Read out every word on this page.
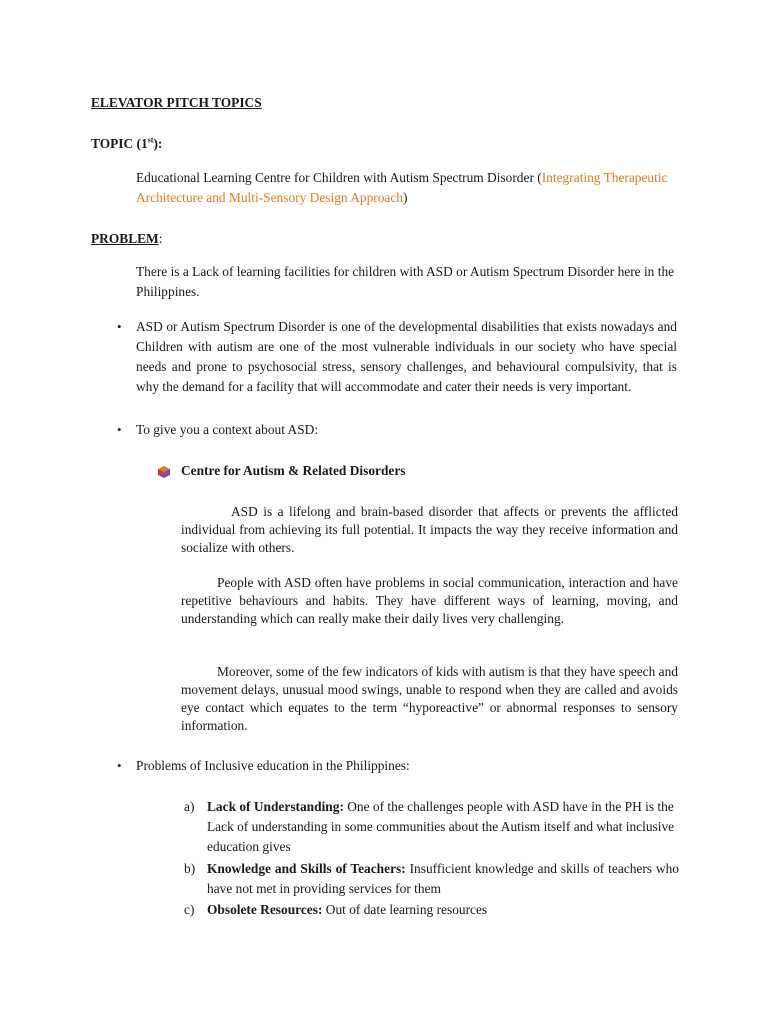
ELEVATOR PITCH TOPICS
TOPIC (1st):
Educational Learning Centre for Children with Autism Spectrum Disorder (Integrating Therapeutic Architecture and Multi-Sensory Design Approach)
PROBLEM:
There is a Lack of learning facilities for children with ASD or Autism Spectrum Disorder here in the Philippines.
• ASD or Autism Spectrum Disorder is one of the developmental disabilities that exists nowadays and Children with autism are one of the most vulnerable individuals in our society who have special needs and prone to psychosocial stress, sensory challenges, and behavioural compulsivity, that is why the demand for a facility that will accommodate and cater their needs is very important.
• To give you a context about ASD:
Centre for Autism & Related Disorders
ASD is a lifelong and brain-based disorder that affects or prevents the afflicted individual from achieving its full potential. It impacts the way they receive information and socialize with others.
People with ASD often have problems in social communication, interaction and have repetitive behaviours and habits. They have different ways of learning, moving, and understanding which can really make their daily lives very challenging.
Moreover, some of the few indicators of kids with autism is that they have speech and movement delays, unusual mood swings, unable to respond when they are called and avoids eye contact which equates to the term “hyporeactive” or abnormal responses to sensory information.
• Problems of Inclusive education in the Philippines:
a) Lack of Understanding: One of the challenges people with ASD have in the PH is the Lack of understanding in some communities about the Autism itself and what inclusive education gives
b) Knowledge and Skills of Teachers: Insufficient knowledge and skills of teachers who have not met in providing services for them
c) Obsolete Resources: Out of date learning resources
